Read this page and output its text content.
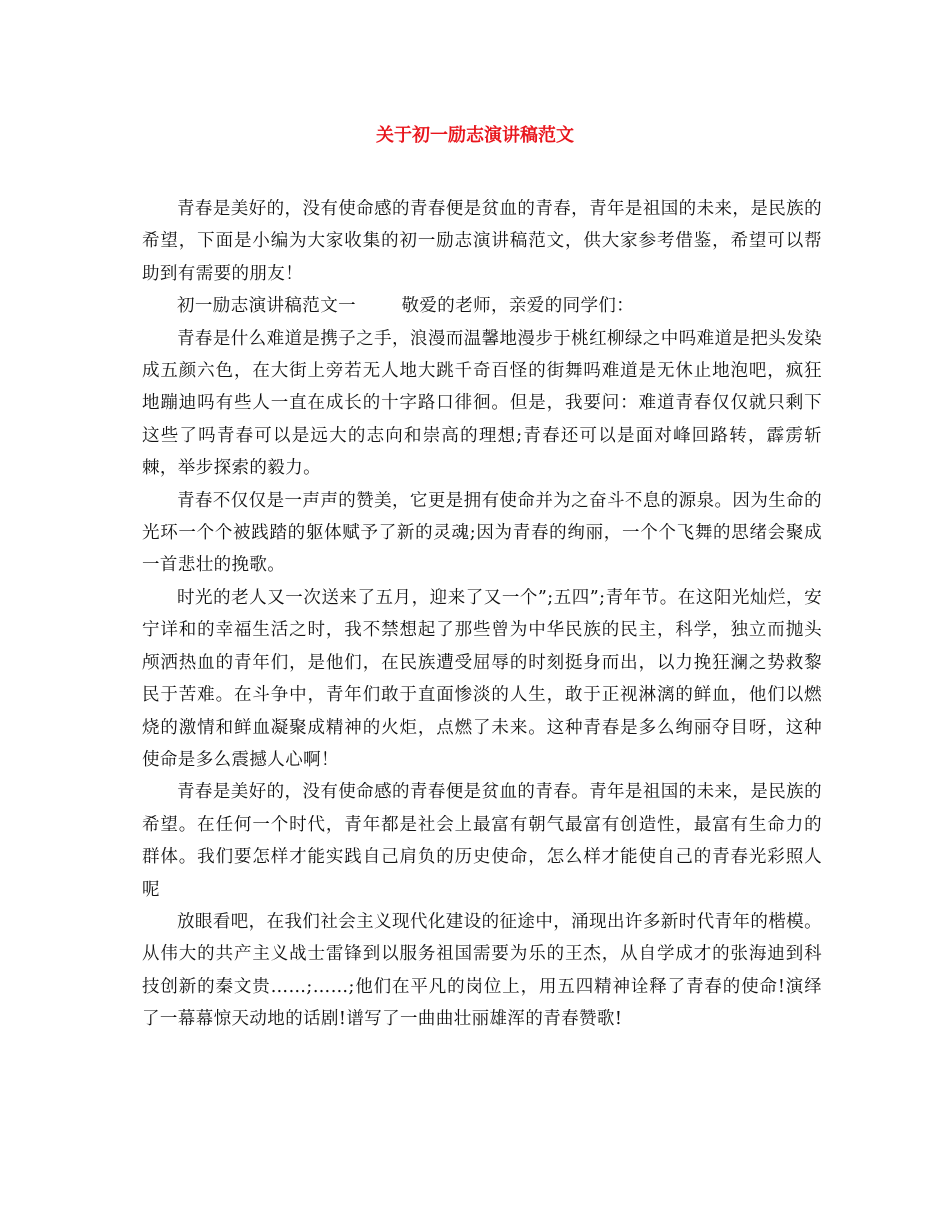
关于初一励志演讲稿范文

青春是美好的，没有使命感的青春便是贫血的青春，青年是祖国的未来，是民族的希望，下面是小编为大家收集的初一励志演讲稿范文，供大家参考借鉴，希望可以帮助到有需要的朋友！

初一励志演讲稿范文一	敬爱的老师，亲爱的同学们：

青春是什么难道是携子之手，浪漫而温馨地漫步于桃红柳绿之中吗难道是把头发染成五颜六色，在大街上旁若无人地大跳千奇百怪的街舞吗难道是无休止地泡吧，疯狂地蹦迪吗有些人一直在成长的十字路口徘徊。但是，我要问：难道青春仅仅就只剩下这些了吗青春可以是远大的志向和崇高的理想;青春还可以是面对峰回路转，霹雳斩棘，举步探索的毅力。

青春不仅仅是一声声的赞美，它更是拥有使命并为之奋斗不息的源泉。因为生命的光环一个个被践踏的躯体赋予了新的灵魂;因为青春的绚丽，一个个飞舞的思绪会聚成一首悲壮的挽歌。

时光的老人又一次送来了五月，迎来了又一个”;五四”;青年节。在这阳光灿烂，安宁详和的幸福生活之时，我不禁想起了那些曾为中华民族的民主，科学，独立而抛头颅洒热血的青年们，是他们，在民族遭受屈辱的时刻挺身而出，以力挽狂澜之势救黎民于苦难。在斗争中，青年们敢于直面惨淡的人生，敢于正视淋漓的鲜血，他们以燃烧的激情和鲜血凝聚成精神的火炬，点燃了未来。这种青春是多么绚丽夺目呀，这种使命是多么震撼人心啊！

青春是美好的，没有使命感的青春便是贫血的青春。青年是祖国的未来，是民族的希望。在任何一个时代，青年都是社会上最富有朝气最富有创造性，最富有生命力的群体。我们要怎样才能实践自己肩负的历史使命，怎么样才能使自己的青春光彩照人呢

放眼看吧，在我们社会主义现代化建设的征途中，涌现出许多新时代青年的楷模。从伟大的共产主义战士雷锋到以服务祖国需要为乐的王杰，从自学成才的张海迪到科技创新的秦文贵……;……;他们在平凡的岗位上，用五四精神诠释了青春的使命!演绎了一幕幕惊天动地的话剧!谱写了一曲曲壮丽雄浑的青春赞歌!
